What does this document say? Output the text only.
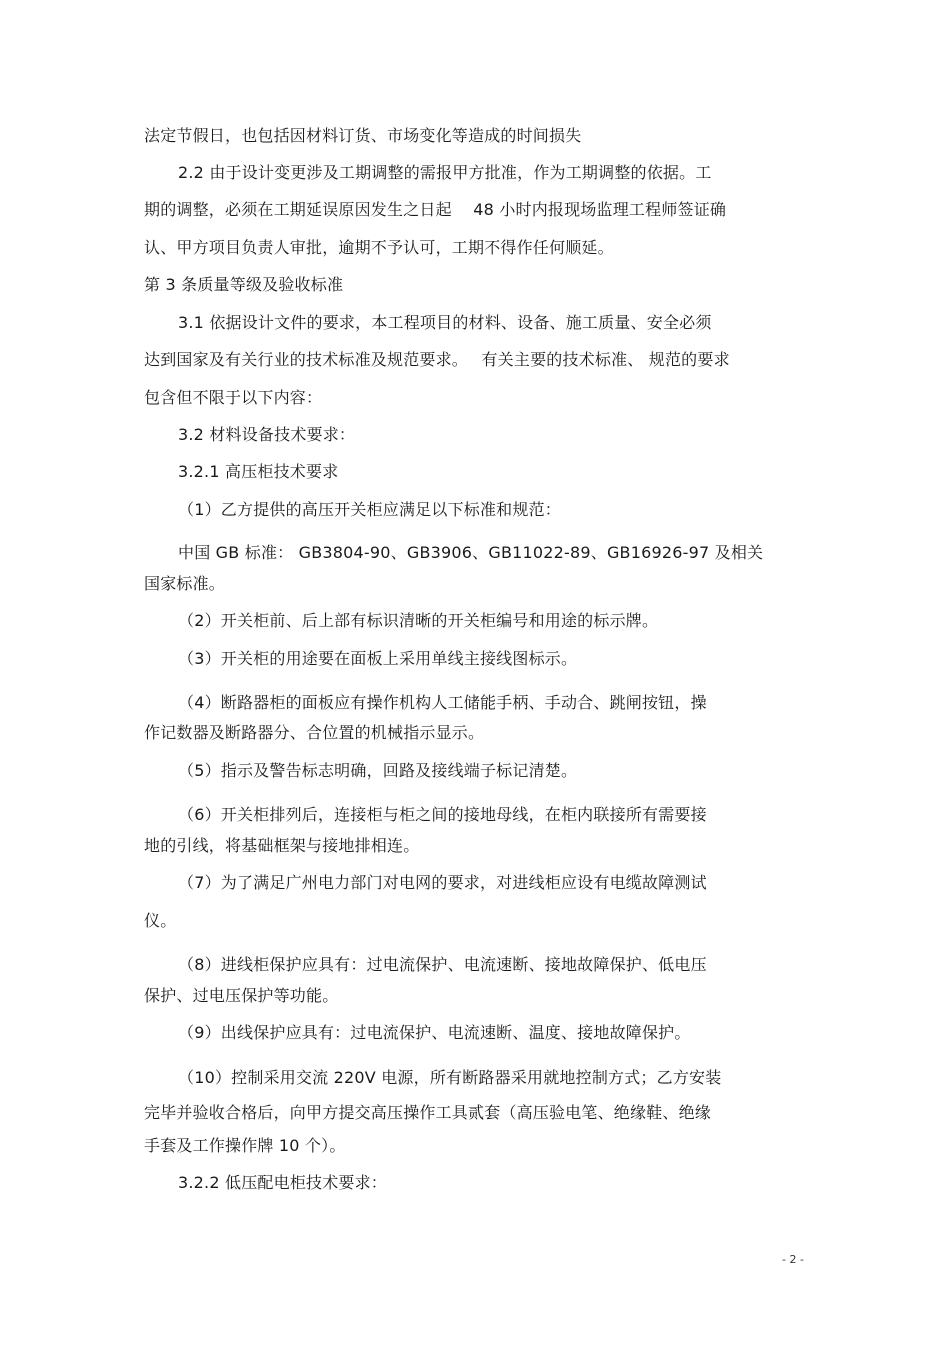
法定节假日，也包括因材料订货、市场变化等造成的时间损失
2.2 由于设计变更涉及工期调整的需报甲方批准，作为工期调整的依据。工
期的调整，必须在工期延误原因发生之日起　 48 小时内报现场监理工程师签证确
认、甲方项目负责人审批，逾期不予认可，工期不得作任何顺延。
第 3 条质量等级及验收标准
3.1 依据设计文件的要求，本工程项目的材料、设备、施工质量、安全必须
达到国家及有关行业的技术标准及规范要求。　 有关主要的技术标准、 规范的要求
包含但不限于以下内容：
3.2 材料设备技术要求：
3.2.1 高压柜技术要求
（1）乙方提供的高压开关柜应满足以下标准和规范：
中国 GB 标准： GB3804-90、GB3906、GB11022-89、GB16926-97 及相关
国家标准。
（2）开关柜前、后上部有标识清晰的开关柜编号和用途的标示牌。
（3）开关柜的用途要在面板上采用单线主接线图标示。
（4）断路器柜的面板应有操作机构人工储能手柄、手动合、跳闸按钮，操
作记数器及断路器分、合位置的机械指示显示。
（5）指示及警告标志明确，回路及接线端子标记清楚。
（6）开关柜排列后，连接柜与柜之间的接地母线，在柜内联接所有需要接
地的引线，将基础框架与接地排相连。
（7）为了满足广州电力部门对电网的要求，对进线柜应设有电缆故障测试
仪。
（8）进线柜保护应具有：过电流保护、电流速断、接地故障保护、低电压
保护、过电压保护等功能。
（9）出线保护应具有：过电流保护、电流速断、温度、接地故障保护。
（10）控制采用交流 220V 电源，所有断路器采用就地控制方式；乙方安装
完毕并验收合格后，向甲方提交高压操作工具贰套（高压验电笔、绝缘鞋、绝缘
手套及工作操作牌 10 个）。
3.2.2 低压配电柜技术要求：
- 2 -
